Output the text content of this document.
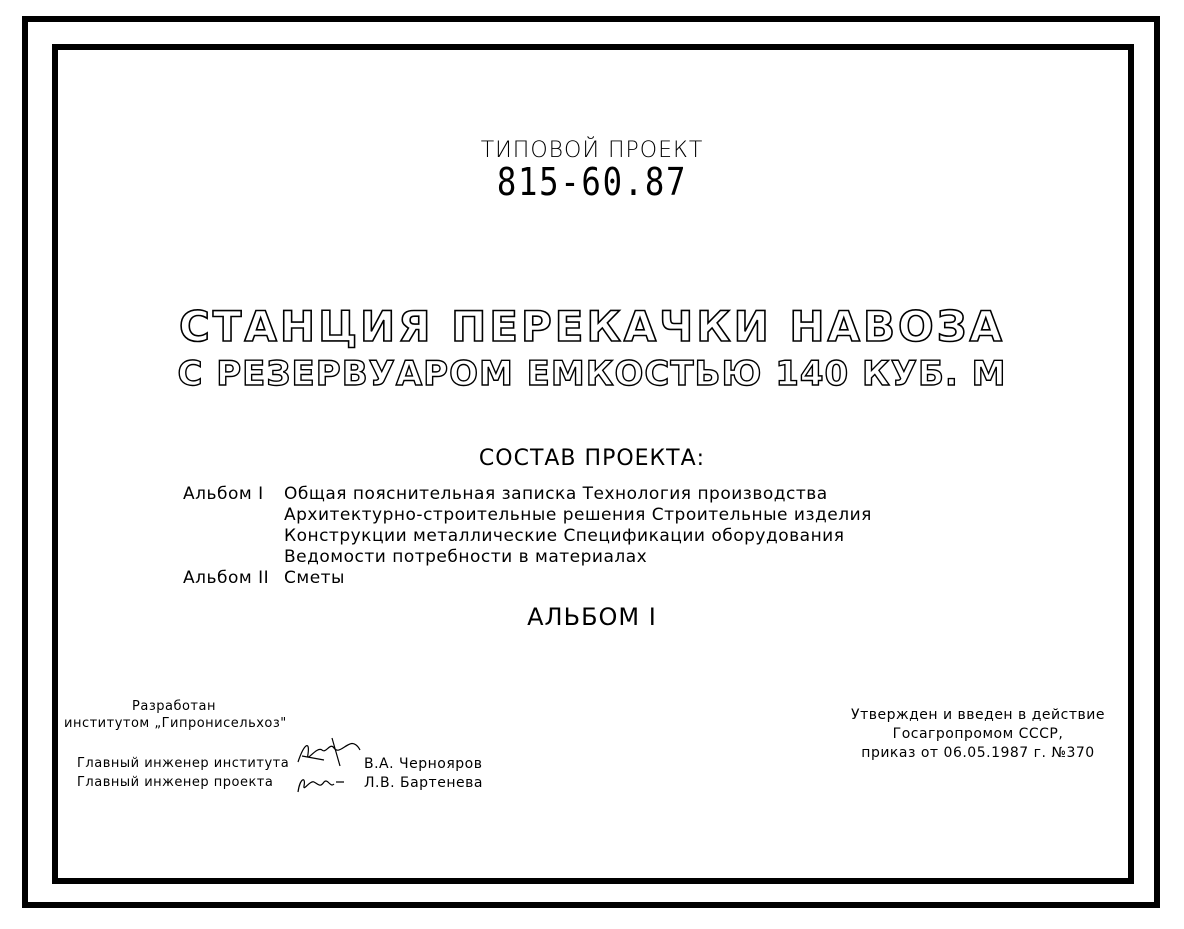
ТИПОВОЙ ПРОЕКТ
815-60.87
СТАНЦИЯ ПЕРЕКАЧКИ НАВОЗА
С РЕЗЕРВУАРОМ ЕМКОСТЬЮ 140 КУБ. М
СОСТАВ ПРОЕКТА:
Альбом I Общая пояснительная записка Технология производства
Архитектурно-строительные решения Строительные изделия
Конструкции металлические Спецификации оборудования
Ведомости потребности в материалах
Альбом II Сметы
АЛЬБОМ I
Разработан
институтом „Гипронисельхоз"
Главный инженер института
Главный инженер проекта
В.А. Чернояров
Л.В. Бартенева
Утвержден и введен в действие
Госагропромом СССР,
приказ от 06.05.1987 г. №370
